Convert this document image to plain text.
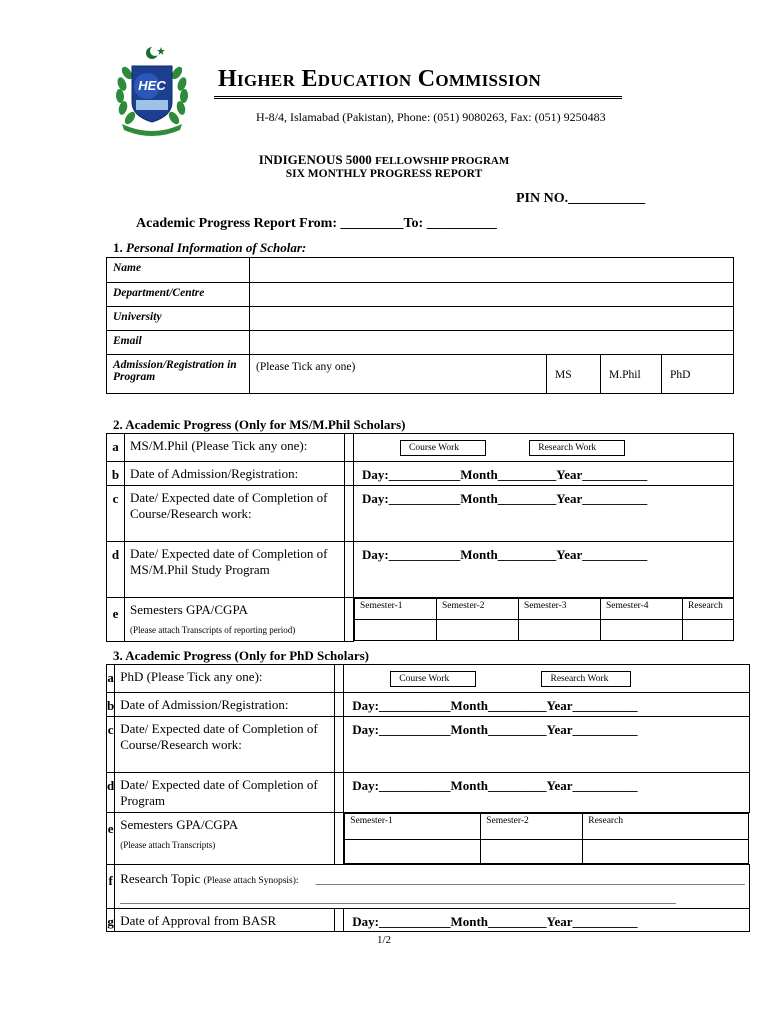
HEC Higher Education Commission
H-8/4, Islamabad (Pakistan), Phone: (051) 9080263, Fax: (051) 9250483
INDIGENOUS 5000 FELLOWSHIP PROGRAM
SIX MONTHLY PROGRESS REPORT
PIN NO.___________
Academic Progress Report From: _________To: __________
1. Personal Information of Scholar:
Name				
Department/Centre				
University				
Email				
Admission/Registration in Program	(Please Tick any one)	MS	M.Phil	PhD
2. Academic Progress (Only for MS/M.Phil Scholars)
a	MS/M.Phil (Please Tick any one):		Course Work	Research Work
b	Date of Admission/Registration:		Day:___________Month_________Year__________
c	Date/ Expected date of Completion of Course/Research work:		Day:___________Month_________Year__________
d	Date/ Expected date of Completion of MS/M.Phil Study Program		Day:___________Month_________Year__________
e	Semesters GPA/CGPA
(Please attach Transcripts of reporting period)

Semester-1	Semester-2	Semester-3	Semester-4	Research

3. Academic Progress (Only for PhD Scholars)
a	PhD (Please Tick any one):		Course Work	Research Work
b	Date of Admission/Registration:		Day:___________Month_________Year__________
c	Date/ Expected date of Completion of Course/Research work:		Day:___________Month_________Year__________
d	Date/ Expected date of Completion of Program		Day:___________Month_________Year__________
e	Semesters GPA/CGPA
(Please attach Transcripts)

Semester-1	Semester-2	Research

f	Research Topic (Please attach Synopsis): ______________________________________________________________________________
_____________________________________________________________________________________________________

g	Date of Approval from BASR		Day:___________Month_________Year__________
1/2
